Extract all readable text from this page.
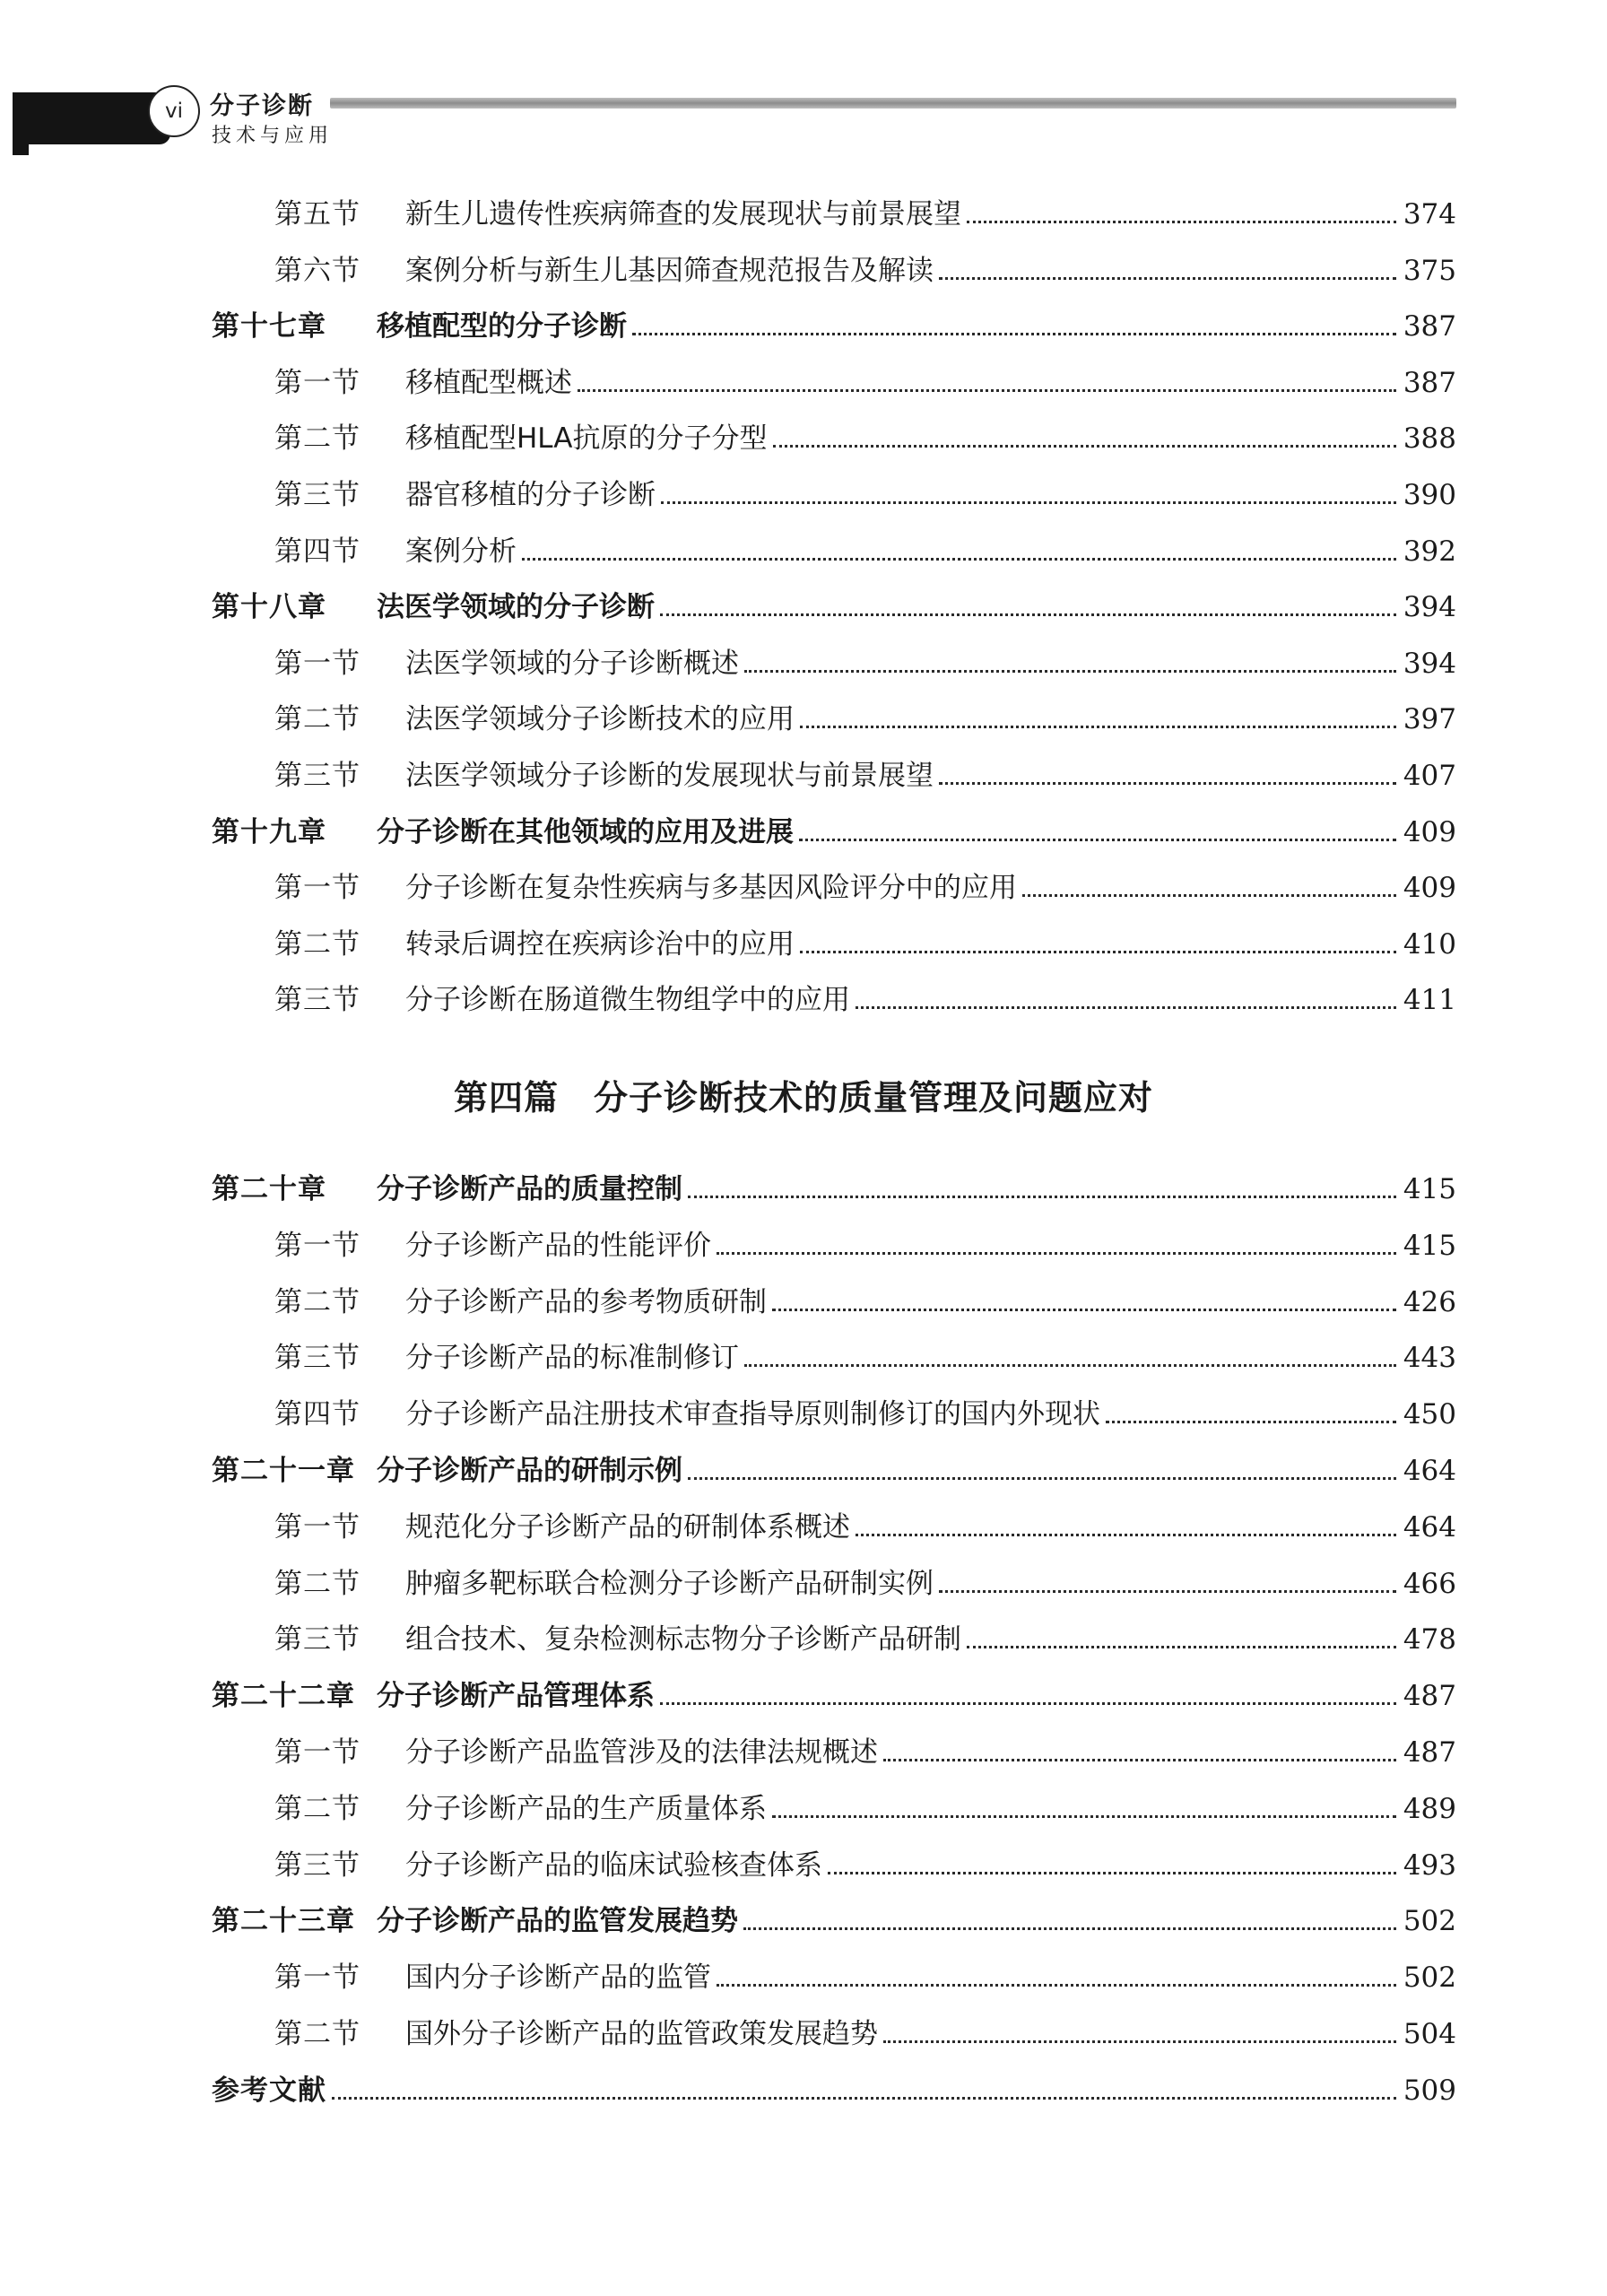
vi 分子诊断
技术与应用
第五节 新生儿遗传性疾病筛查的发展现状与前景展望	374
第六节 案例分析与新生儿基因筛查规范报告及解读	375
第十七章 移植配型的分子诊断	387
第一节 移植配型概述	387
第二节 移植配型HLA抗原的分子分型	388
第三节 器官移植的分子诊断	390
第四节 案例分析	392
第十八章 法医学领域的分子诊断	394
第一节 法医学领域的分子诊断概述	394
第二节 法医学领域分子诊断技术的应用	397
第三节 法医学领域分子诊断的发展现状与前景展望	407
第十九章 分子诊断在其他领域的应用及进展	409
第一节 分子诊断在复杂性疾病与多基因风险评分中的应用	409
第二节 转录后调控在疾病诊治中的应用	410
第三节 分子诊断在肠道微生物组学中的应用	411
第四篇　分子诊断技术的质量管理及问题应对
第二十章 分子诊断产品的质量控制	415
第一节 分子诊断产品的性能评价	415
第二节 分子诊断产品的参考物质研制	426
第三节 分子诊断产品的标准制修订	443
第四节 分子诊断产品注册技术审查指导原则制修订的国内外现状	450
第二十一章 分子诊断产品的研制示例	464
第一节 规范化分子诊断产品的研制体系概述	464
第二节 肿瘤多靶标联合检测分子诊断产品研制实例	466
第三节 组合技术、复杂检测标志物分子诊断产品研制	478
第二十二章 分子诊断产品管理体系	487
第一节 分子诊断产品监管涉及的法律法规概述	487
第二节 分子诊断产品的生产质量体系	489
第三节 分子诊断产品的临床试验核查体系	493
第二十三章 分子诊断产品的监管发展趋势	502
第一节 国内分子诊断产品的监管	502
第二节 国外分子诊断产品的监管政策发展趋势	504
参考文献	509
